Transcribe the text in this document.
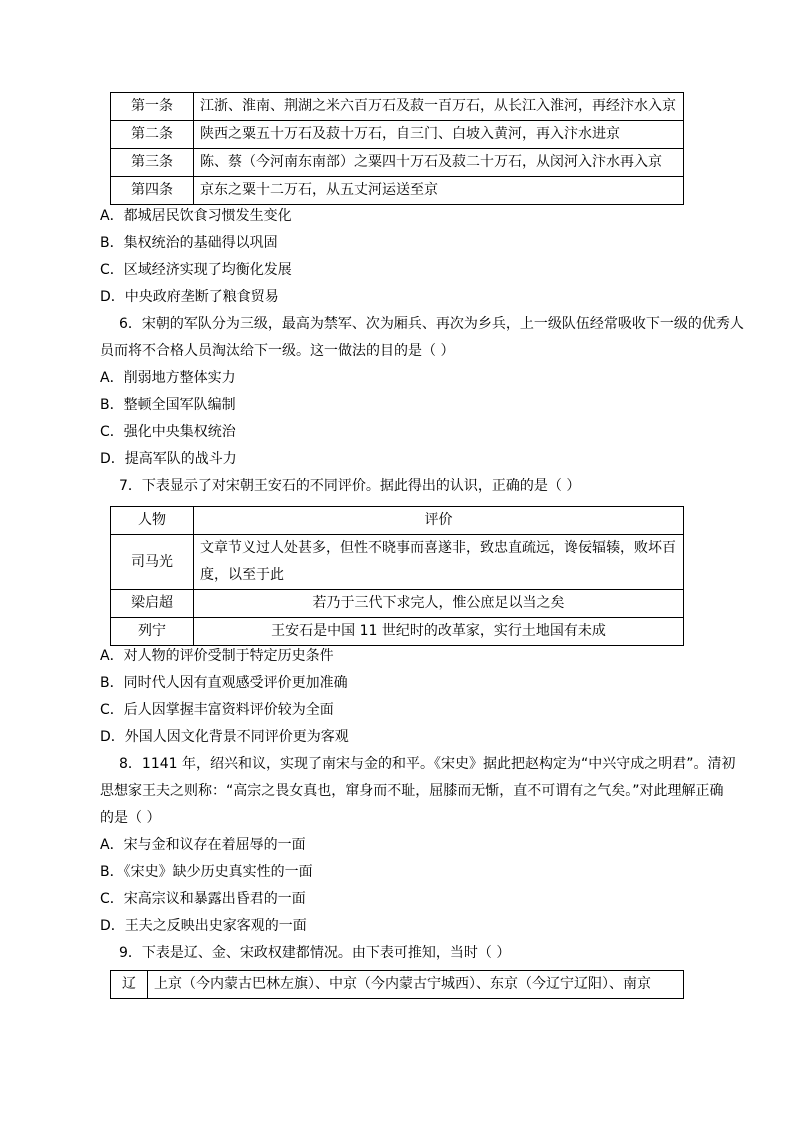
第一条	江浙、淮南、荆湖之米六百万石及菽一百万石，从长江入淮河，再经汴水入京
第二条	陕西之粟五十万石及菽十万石，自三门、白坡入黄河，再入汴水进京
第三条	陈、蔡（今河南东南部）之粟四十万石及菽二十万石，从闵河入汴水再入京
第四条	京东之粟十二万石，从五丈河运送至京
A．都城居民饮食习惯发生变化
B．集权统治的基础得以巩固
C．区域经济实现了均衡化发展
D．中央政府垄断了粮食贸易
6．宋朝的军队分为三级，最高为禁军、次为厢兵、再次为乡兵，上一级队伍经常吸收下一级的优秀人
员而将不合格人员淘汰给下一级。这一做法的目的是（ ）
A．削弱地方整体实力
B．整顿全国军队编制
C．强化中央集权统治
D．提高军队的战斗力
7．下表显示了对宋朝王安石的不同评价。据此得出的认识，正确的是（ ）
人物	评价
司马光	文章节义过人处甚多，但性不晓事而喜遂非，致忠直疏远，谗佞辐辏，败坏百
度，以至于此
梁启超	若乃于三代下求完人，惟公庶足以当之矣
列宁	王安石是中国 11 世纪时的改革家，实行土地国有未成
A．对人物的评价受制于特定历史条件
B．同时代人因有直观感受评价更加准确
C．后人因掌握丰富资料评价较为全面
D．外国人因文化背景不同评价更为客观
8．1141 年，绍兴和议，实现了南宋与金的和平。《宋史》据此把赵构定为“中兴守成之明君”。清初
思想家王夫之则称：“高宗之畏女真也，窜身而不耻，屈膝而无惭，直不可谓有之气矣。”对此理解正确
的是（ ）
A．宋与金和议存在着屈辱的一面
B．《宋史》缺少历史真实性的一面
C．宋高宗议和暴露出昏君的一面
D．王夫之反映出史家客观的一面
9．下表是辽、金、宋政权建都情况。由下表可推知，当时（ ）
辽	上京（今内蒙古巴林左旗）、中京（今内蒙古宁城西）、东京（今辽宁辽阳）、南京
